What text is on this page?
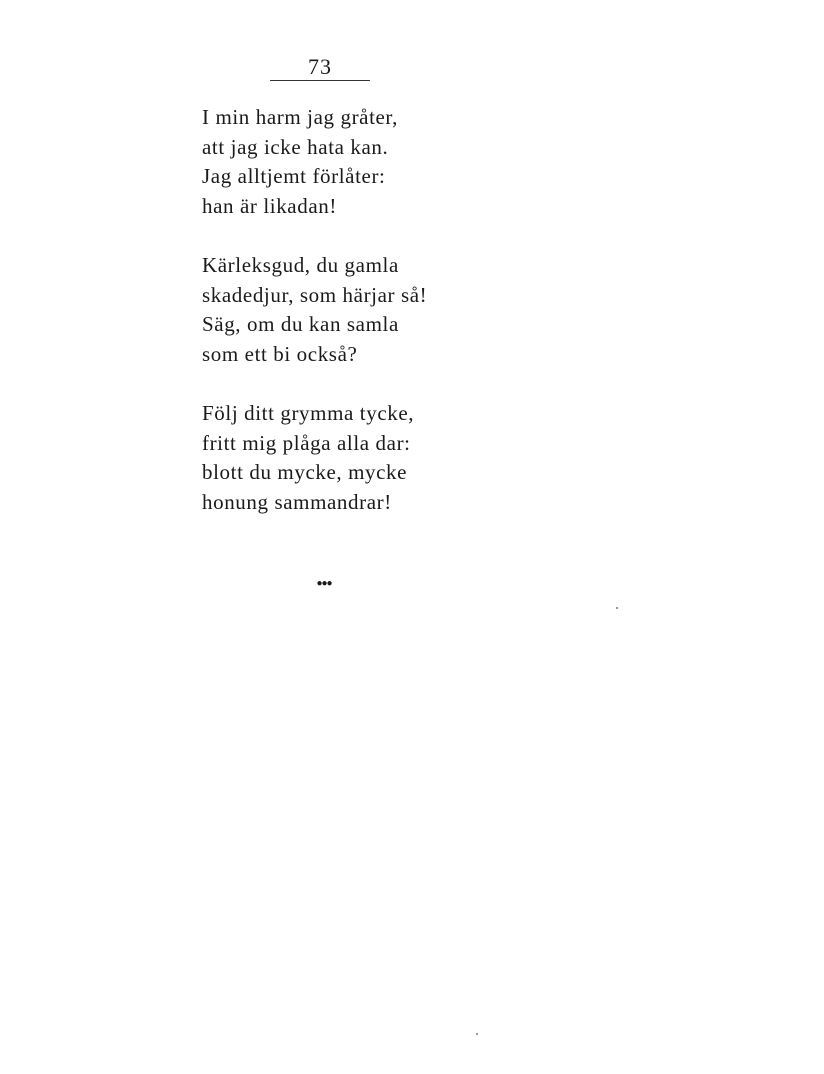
73
I min harm jag gråter,
att jag icke hata kan.
Jag alltjemt förlåter:
han är likadan!
Kärleksgud, du gamla
skadedjur, som härjar så!
Säg, om du kan samla
som ett bi också?
Följ ditt grymma tycke,
fritt mig plåga alla dar:
blott du mycke, mycke
honung sammandrar!
●●●
